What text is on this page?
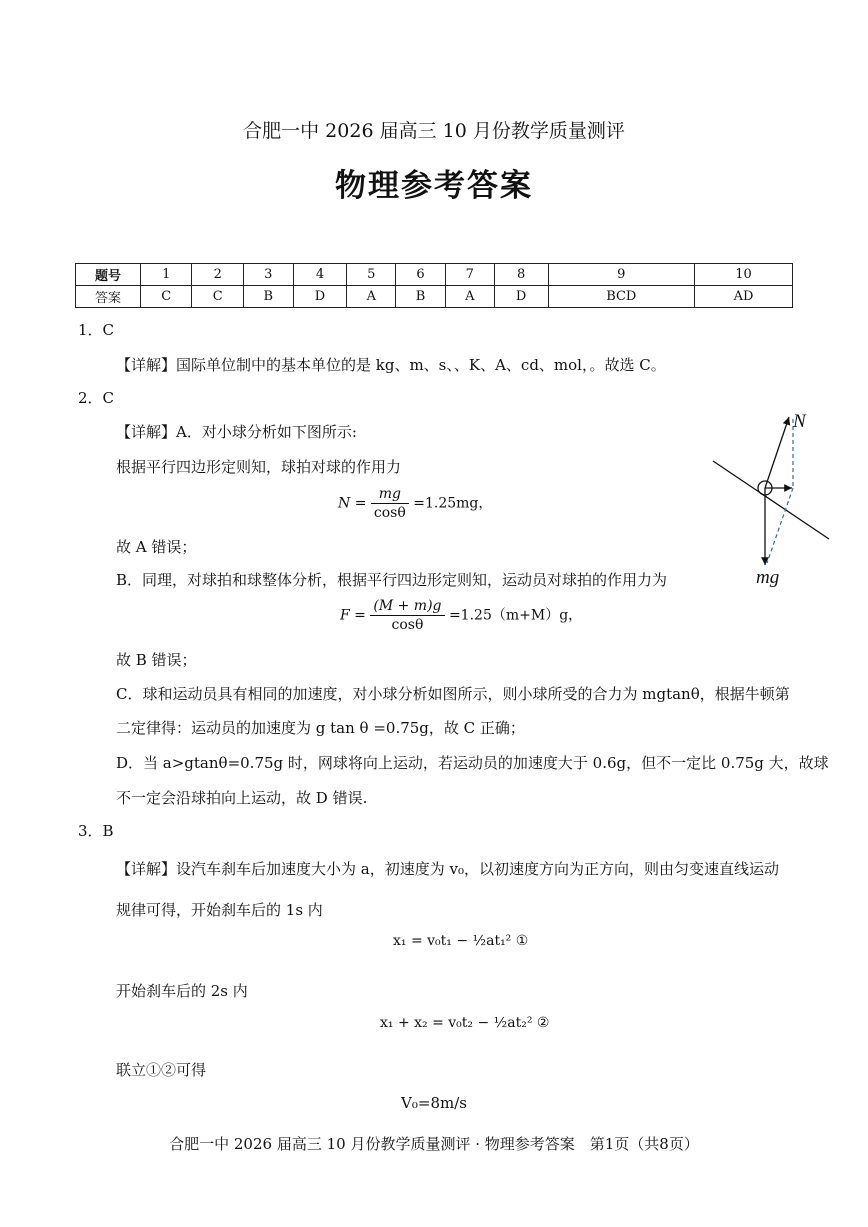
合肥一中 2026 届高三 10 月份教学质量测评
物理参考答案
题号	1	2	3	4	5	6	7	8	9	10
答案	C	C	B	D	A	B	A	D	BCD	AD
1．C
【详解】国际单位制中的基本单位的是 kg、m、s、、K、A、cd、mol，。故选 C。
2．C
【详解】A．对小球分析如下图所示:
根据平行四边形定则知，球拍对球的作用力
$N = \frac{mg}{\cos\theta} =1.25mg$，
故 A 错误；
B．同理，对球拍和球整体分析，根据平行四边形定则知，运动员对球拍的作用力为
$F = \frac{(M + m)g}{\cos\theta} =1.25(m+M)g$，
故 B 错误；
C．球和运动员具有相同的加速度，对小球分析如图所示，则小球所受的合力为 mgtanθ，根据牛顿第
二定律得：运动员的加速度为 g tan θ =0.75g，故 C 正确；
D．当 a>gtanθ=0.75g 时，网球将向上运动，若运动员的加速度大于 0.6g，但不一定比 0.75g 大，故球
不一定会沿球拍向上运动，故 D 错误.
N
mg
3．B
【详解】设汽车刹车后加速度大小为 a，初速度为 v₀，以初速度方向为正方向，则由匀变速直线运动
规律可得，开始刹车后的 1s 内
x₁ = v₀t₁ − ½at₁² ①
开始刹车后的 2s 内
x₁ + x₂ = v₀t₂ − ½at₂² ②
联立①②可得
V₀=8m/s
合肥一中 2026 届高三 10 月份教学质量测评 · 物理参考答案　第1页（共8页）
